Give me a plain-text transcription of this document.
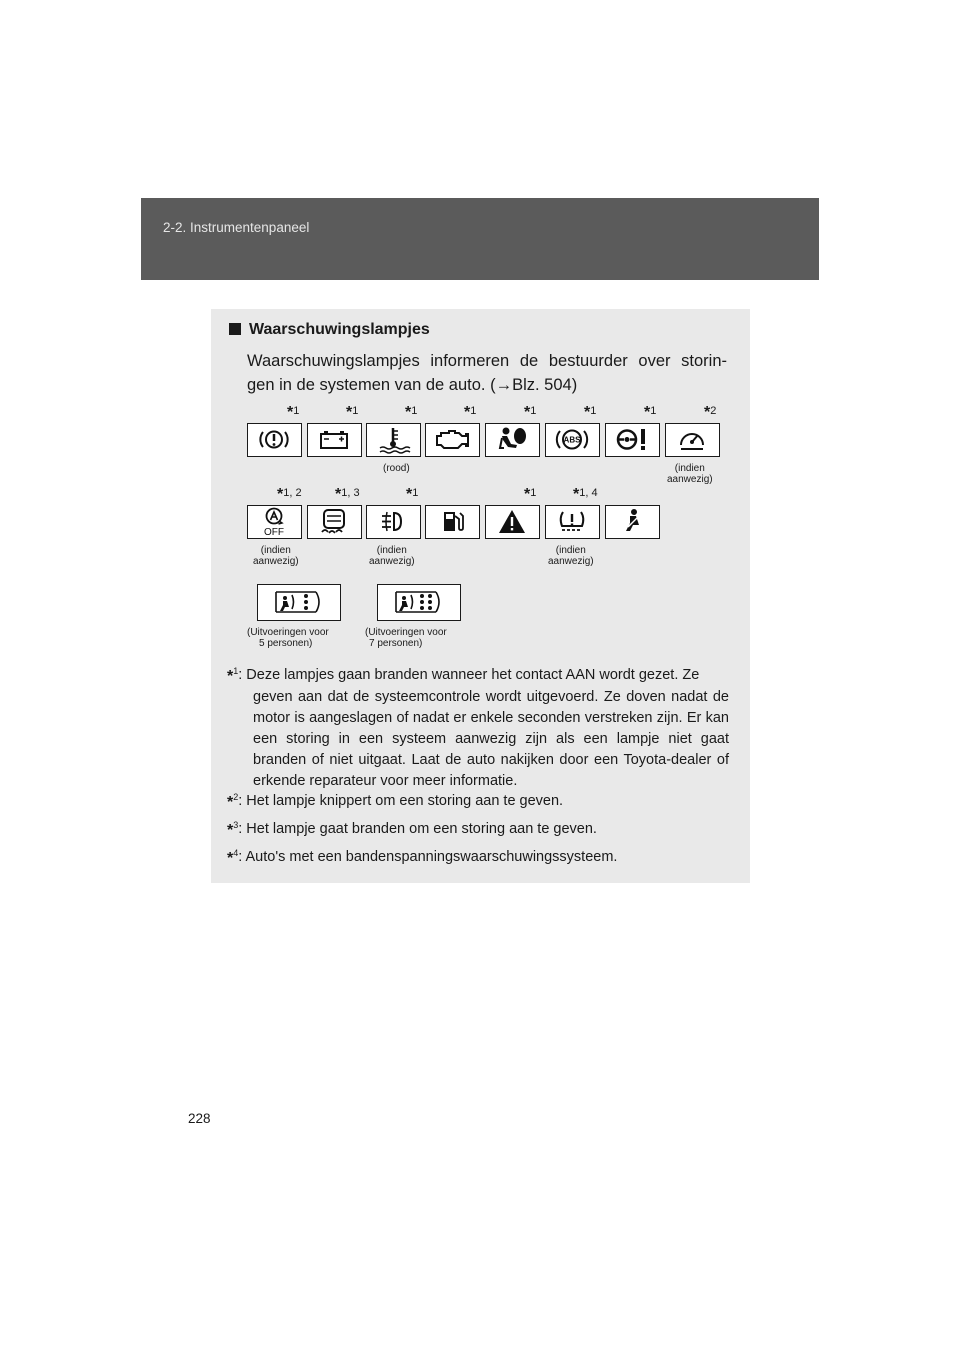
2-2. Instrumentenpaneel
Waarschuwingslampjes

Waarschuwingslampjes informeren de bestuurder over storin-

gen in de systemen van de auto. (→Blz. 504)

*1	*1	*1	*1	*1	*1	*1	*2
ABS
(rood)	(indien
aanwezig)
*1, 2 *1, 3	*1	*1 *1, 4
OFF
(indien
aanwezig)
(indien
aanwezig)
(indien
aanwezig)
(Uitvoeringen voor
5 personen)
(Uitvoeringen voor
7 personen)
*$^1$: Deze lampjes gaan branden wanneer het contact AAN wordt gezet. Ze
geven aan dat de systeemcontrole wordt uitgevoerd. Ze doven nadat de motor is aangeslagen of nadat er enkele seconden verstreken zijn. Er kan een storing in een systeem aanwezig zijn als een lampje niet gaat branden of niet uitgaat. Laat de auto nakijken door een Toyota-dealer of erkende reparateur voor meer informatie.
*$^2$: Het lampje knippert om een storing aan te geven.
*$^3$: Het lampje gaat branden om een storing aan te geven.
*$^4$: Auto's met een bandenspanningswaarschuwingssysteem.
228
